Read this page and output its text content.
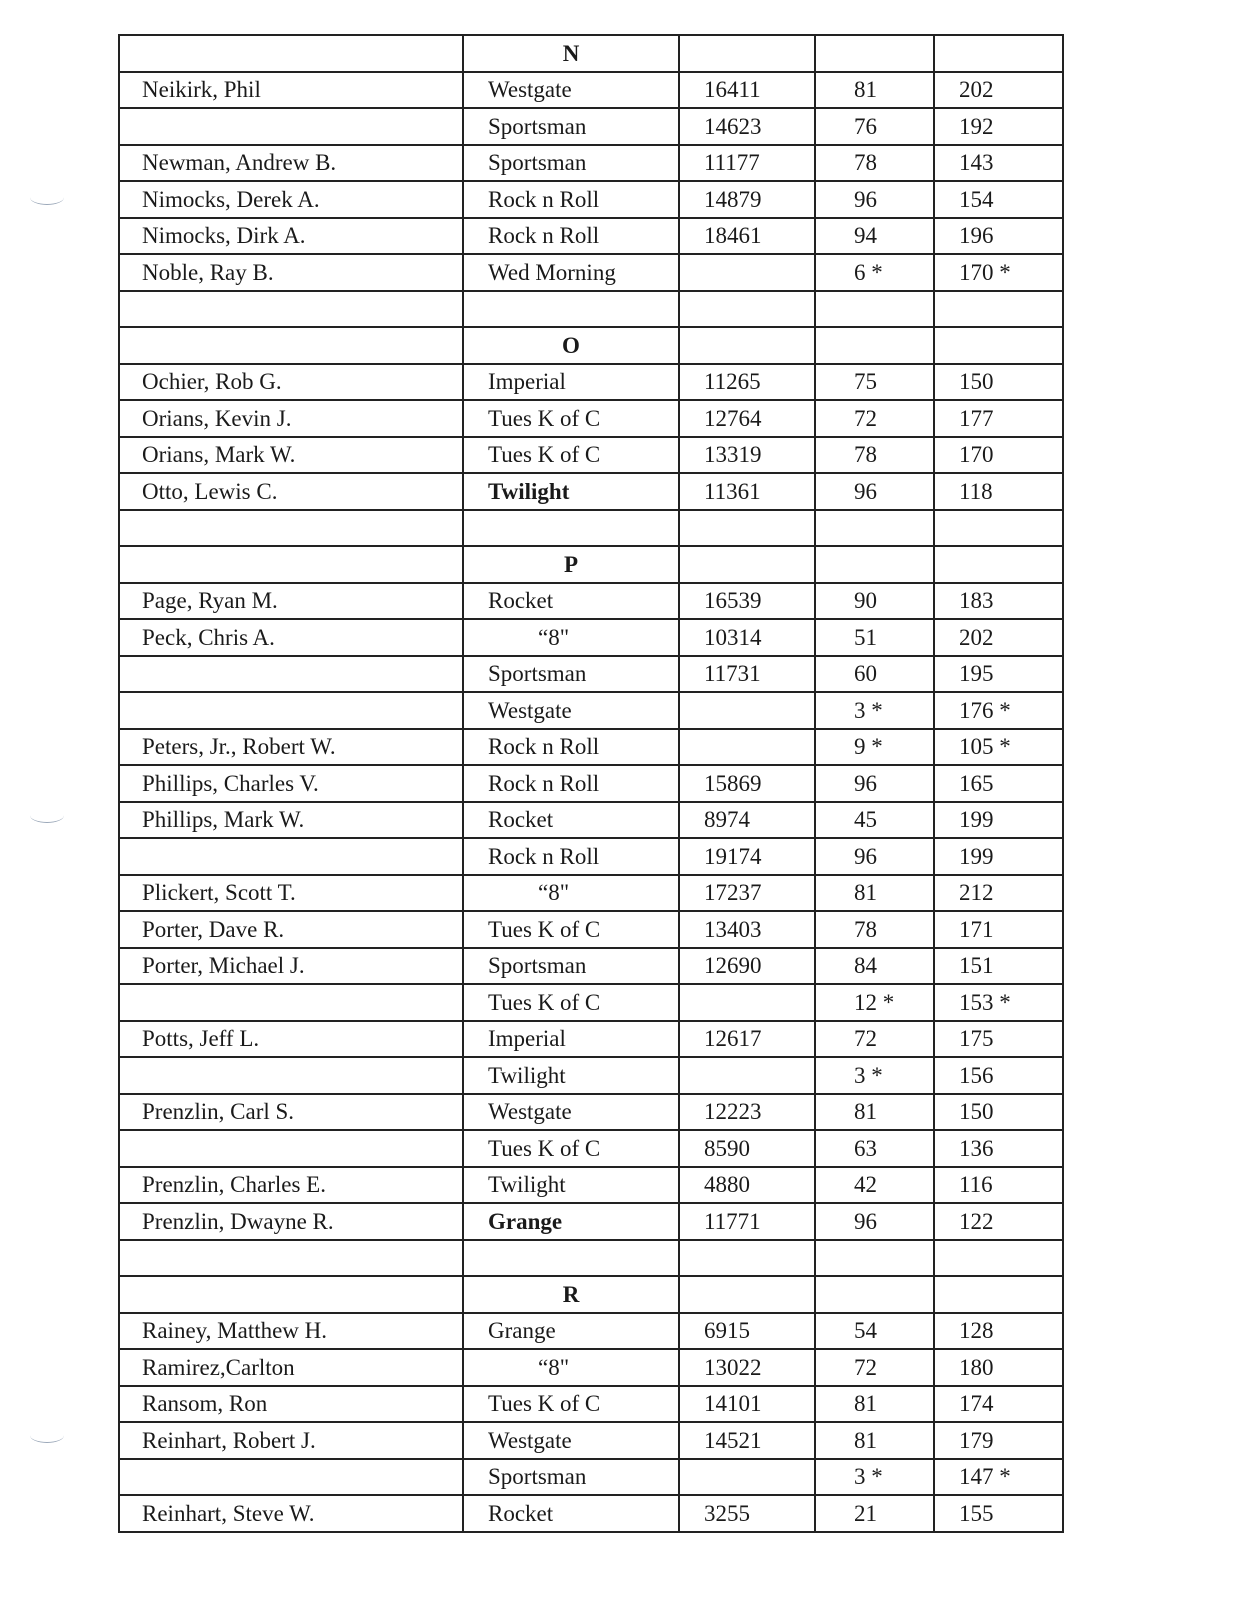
	N			
Neikirk, Phil	Westgate	16411	81	202
	Sportsman	14623	76	192
Newman, Andrew B.	Sportsman	11177	78	143
Nimocks, Derek A.	Rock n Roll	14879	96	154
Nimocks, Dirk A.	Rock n Roll	18461	94	196
Noble, Ray B.	Wed Morning		6 *	170 *

	O			
Ochier, Rob G.	Imperial	11265	75	150
Orians, Kevin J.	Tues K of C	12764	72	177
Orians, Mark W.	Tues K of C	13319	78	170
Otto, Lewis C.	Twilight	11361	96	118

	P			
Page, Ryan M.	Rocket	16539	90	183
Peck, Chris A.	“8"	10314	51	202
	Sportsman	11731	60	195
	Westgate		3 *	176 *
Peters, Jr., Robert W.	Rock n Roll		9 *	105 *
Phillips, Charles V.	Rock n Roll	15869	96	165
Phillips, Mark W.	Rocket	8974	45	199
	Rock n Roll	19174	96	199
Plickert, Scott T.	“8"	17237	81	212
Porter, Dave R.	Tues K of C	13403	78	171
Porter, Michael J.	Sportsman	12690	84	151
	Tues K of C		12 *	153 *
Potts, Jeff L.	Imperial	12617	72	175
	Twilight		3 *	156
Prenzlin, Carl S.	Westgate	12223	81	150
	Tues K of C	8590	63	136
Prenzlin, Charles E.	Twilight	4880	42	116
Prenzlin, Dwayne R.	Grange	11771	96	122

	R			
Rainey, Matthew H.	Grange	6915	54	128
Ramirez,Carlton	“8"	13022	72	180
Ransom, Ron	Tues K of C	14101	81	174
Reinhart, Robert J.	Westgate	14521	81	179
	Sportsman		3 *	147 *
Reinhart, Steve W.	Rocket	3255	21	155
